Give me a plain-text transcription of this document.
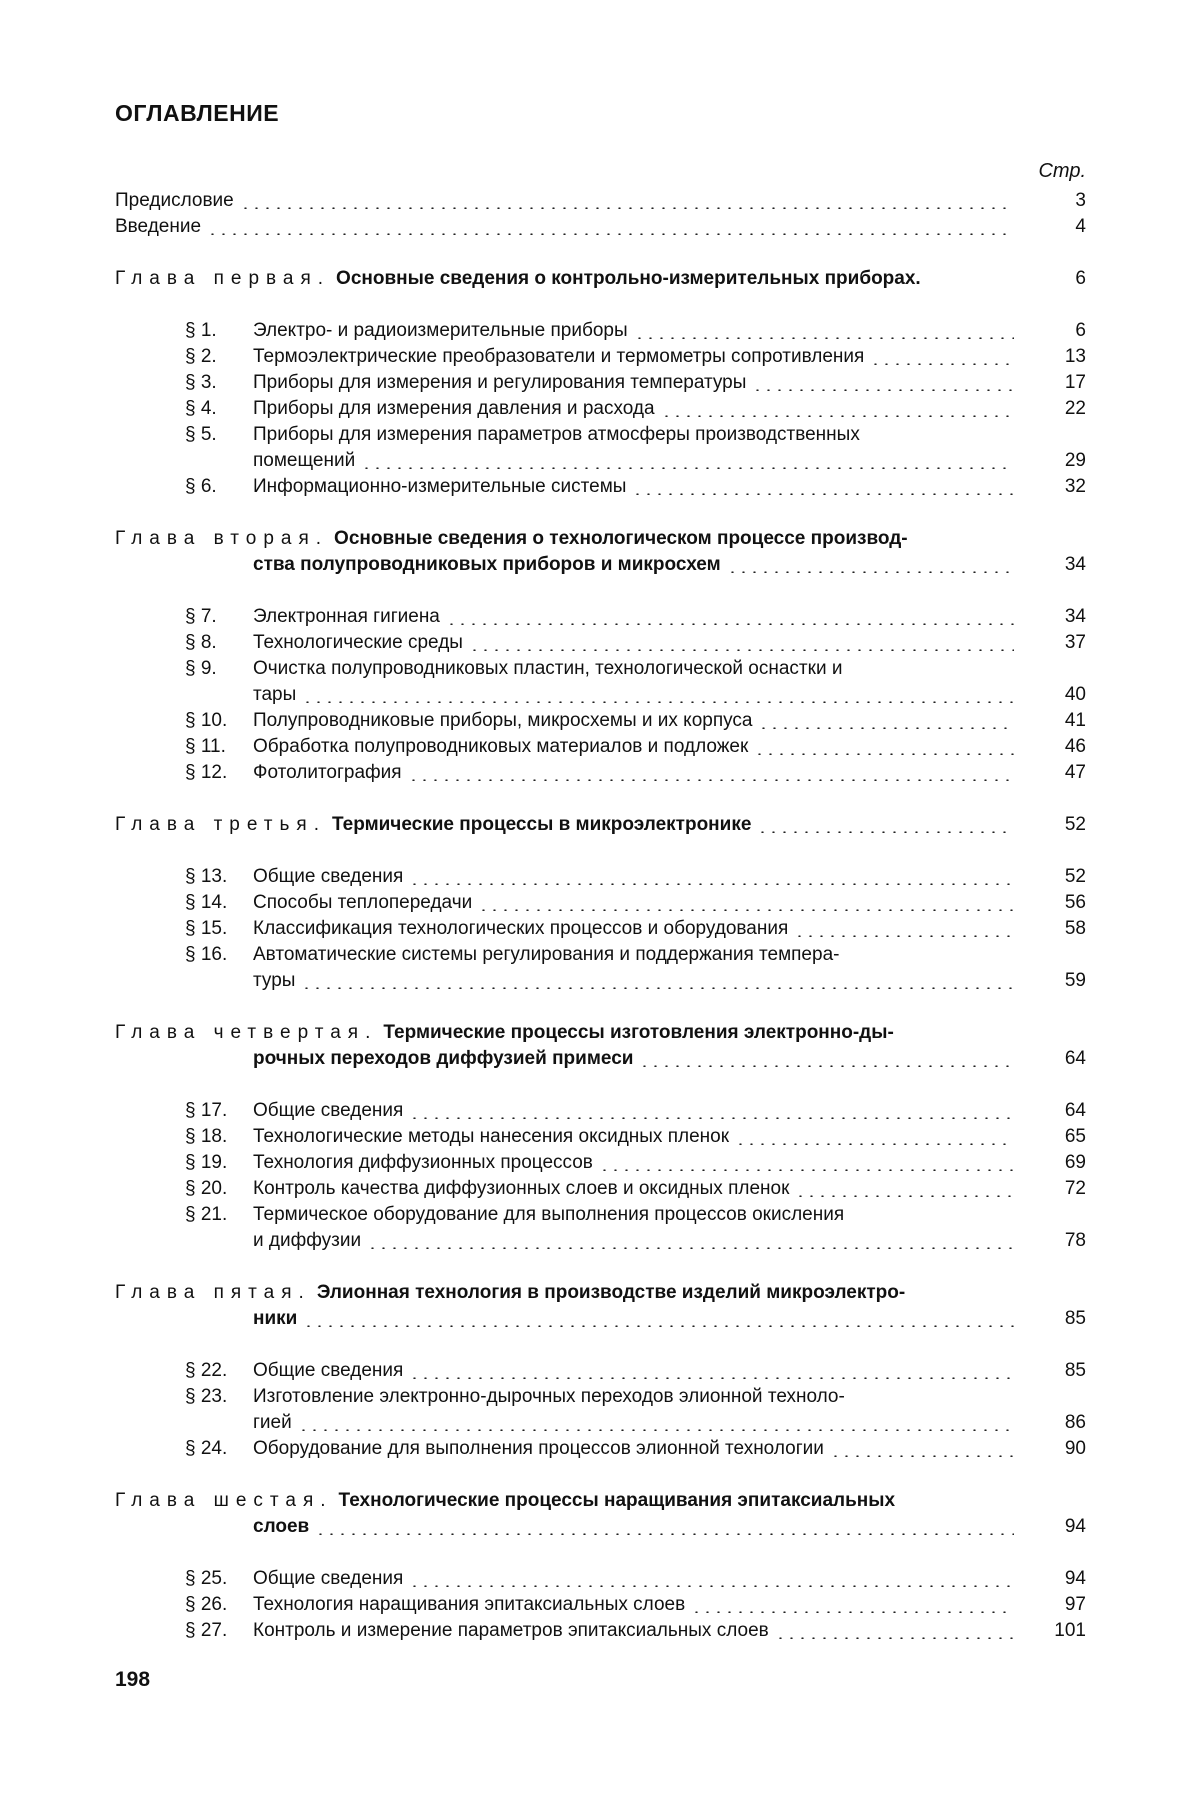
ОГЛАВЛЕНИЕ
Стр.
Предисловие	3
Введение	4
Глава первая. Основные сведения о контрольно-измерительных приборах.	6
§ 1.	Электро- и радиоизмерительные приборы	6
§ 2.	Термоэлектрические преобразователи и термометры сопротивления	13
§ 3.	Приборы для измерения и регулирования температуры	17
§ 4.	Приборы для измерения давления и расхода	22
§ 5.	Приборы для измерения параметров атмосферы производственных
помещений	29
§ 6.	Информационно-измерительные системы	32
Глава вторая. Основные сведения о технологическом процессе производ-
ства полупроводниковых приборов и микросхем	34
§ 7.	Электронная гигиена	34
§ 8.	Технологические среды	37
§ 9.	Очистка полупроводниковых пластин, технологической оснастки и
тары	40
§ 10.	Полупроводниковые приборы, микросхемы и их корпуса	41
§ 11.	Обработка полупроводниковых материалов и подложек	46
§ 12.	Фотолитография	47
Глава третья. Термические процессы в микроэлектронике	52
§ 13.	Общие сведения	52
§ 14.	Способы теплопередачи	56
§ 15.	Классификация технологических процессов и оборудования	58
§ 16.	Автоматические системы регулирования и поддержания темпера-
туры	59
Глава четвертая. Термические процессы изготовления электронно-ды-
рочных переходов диффузией примеси	64
§ 17.	Общие сведения	64
§ 18.	Технологические методы нанесения оксидных пленок	65
§ 19.	Технология диффузионных процессов	69
§ 20.	Контроль качества диффузионных слоев и оксидных пленок	72
§ 21.	Термическое оборудование для выполнения процессов окисления
и диффузии	78
Глава пятая. Элионная технология в производстве изделий микроэлектро-
ники	85
§ 22.	Общие сведения	85
§ 23.	Изготовление электронно-дырочных переходов элионной техноло-
гией	86
§ 24.	Оборудование для выполнения процессов элионной технологии	90
Глава шестая. Технологические процессы наращивания эпитаксиальных
слоев	94
§ 25.	Общие сведения	94
§ 26.	Технология наращивания эпитаксиальных слоев	97
§ 27.	Контроль и измерение параметров эпитаксиальных слоев	101
198
